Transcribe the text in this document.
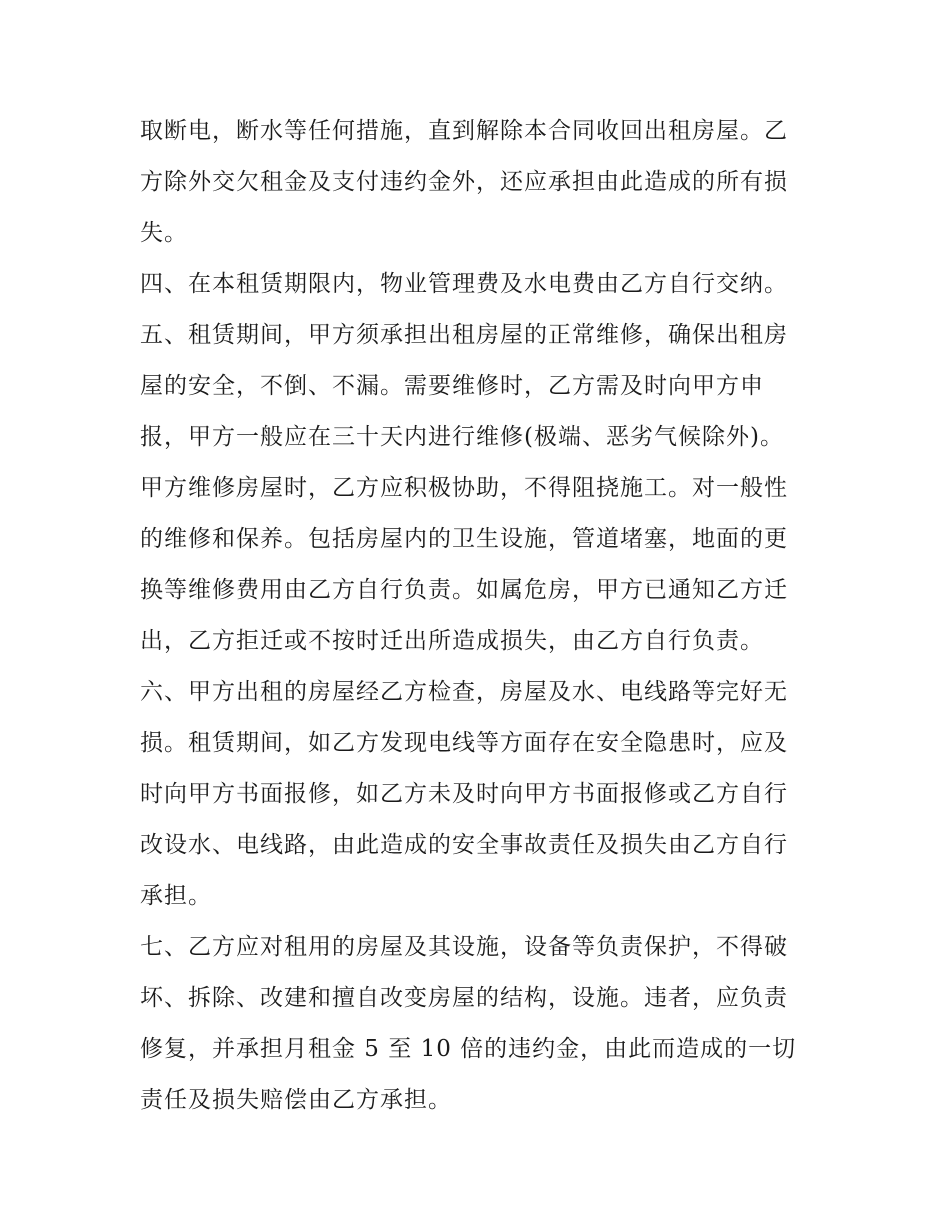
取断电，断水等任何措施，直到解除本合同收回出租房屋。乙
方除外交欠租金及支付违约金外，还应承担由此造成的所有损
失。
四、在本租赁期限内，物业管理费及水电费由乙方自行交纳。
五、租赁期间，甲方须承担出租房屋的正常维修，确保出租房
屋的安全，不倒、不漏。需要维修时，乙方需及时向甲方申
报，甲方一般应在三十天内进行维修(极端、恶劣气候除外)。
甲方维修房屋时，乙方应积极协助，不得阻挠施工。对一般性
的维修和保养。包括房屋内的卫生设施，管道堵塞，地面的更
换等维修费用由乙方自行负责。如属危房，甲方已通知乙方迁
出，乙方拒迁或不按时迁出所造成损失，由乙方自行负责。
六、甲方出租的房屋经乙方检查，房屋及水、电线路等完好无
损。租赁期间，如乙方发现电线等方面存在安全隐患时，应及
时向甲方书面报修，如乙方未及时向甲方书面报修或乙方自行
改设水、电线路，由此造成的安全事故责任及损失由乙方自行
承担。
七、乙方应对租用的房屋及其设施，设备等负责保护，不得破
坏、拆除、改建和擅自改变房屋的结构，设施。违者，应负责
修复，并承担月租金 5 至 10 倍的违约金，由此而造成的一切
责任及损失赔偿由乙方承担。
